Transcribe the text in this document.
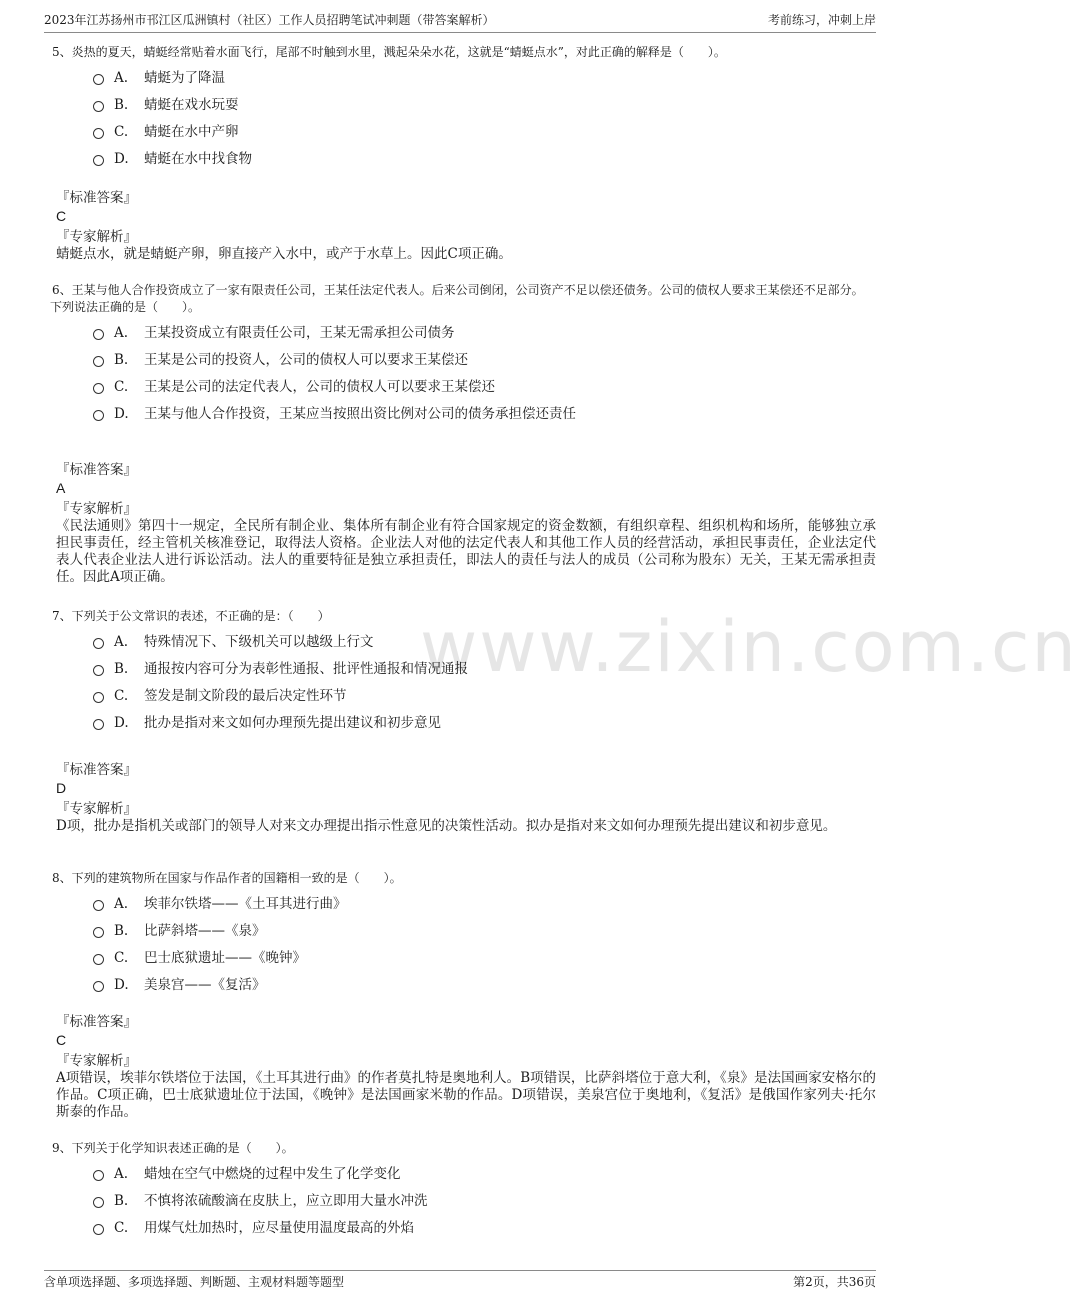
2023年江苏扬州市邗江区瓜洲镇村（社区）工作人员招聘笔试冲刺题（带答案解析）	考前练习，冲刺上岸
www.zixin.com.cn

5、炎热的夏天，蜻蜓经常贴着水面飞行，尾部不时触到水里，溅起朵朵水花，这就是“蜻蜓点水”，对此正确的解释是（　　）。

A. 蜻蜓为了降温
B. 蜻蜓在戏水玩耍
C. 蜻蜓在水中产卵
D. 蜻蜓在水中找食物

『标准答案』

C

『专家解析』

蜻蜓点水，就是蜻蜓产卵，卵直接产入水中，或产于水草上。因此C项正确。

6、王某与他人合作投资成立了一家有限责任公司，王某任法定代表人。后来公司倒闭，公司资产不足以偿还债务。公司的债权人要求王某偿还不足部分。

下列说法正确的是（　　）。

A. 王某投资成立有限责任公司，王某无需承担公司债务
B. 王某是公司的投资人，公司的债权人可以要求王某偿还
C. 王某是公司的法定代表人，公司的债权人可以要求王某偿还
D. 王某与他人合作投资，王某应当按照出资比例对公司的债务承担偿还责任

『标准答案』

A

『专家解析』

《民法通则》第四十一规定，全民所有制企业、集体所有制企业有符合国家规定的资金数额，有组织章程、组织机构和场所，能够独立承担民事责任，经主管机关核准登记，取得法人资格。企业法人对他的法定代表人和其他工作人员的经营活动，承担民事责任，企业法定代表人代表企业法人进行诉讼活动。法人的重要特征是独立承担责任，即法人的责任与法人的成员（公司称为股东）无关，王某无需承担责任。因此A项正确。

7、下列关于公文常识的表述，不正确的是：（　　）

A. 特殊情况下、下级机关可以越级上行文
B. 通报按内容可分为表彰性通报、批评性通报和情况通报
C. 签发是制文阶段的最后决定性环节
D. 批办是指对来文如何办理预先提出建议和初步意见

『标准答案』

D

『专家解析』

D项，批办是指机关或部门的领导人对来文办理提出指示性意见的决策性活动。拟办是指对来文如何办理预先提出建议和初步意见。

8、下列的建筑物所在国家与作品作者的国籍相一致的是（　　）。

A. 埃菲尔铁塔——《土耳其进行曲》
B. 比萨斜塔——《泉》
C. 巴士底狱遗址——《晚钟》
D. 美泉宫——《复活》

『标准答案』

C

『专家解析』

A项错误，埃菲尔铁塔位于法国，《土耳其进行曲》的作者莫扎特是奥地利人。B项错误，比萨斜塔位于意大利，《泉》是法国画家安格尔的作品。C项正确，巴士底狱遗址位于法国，《晚钟》是法国画家米勒的作品。D项错误，美泉宫位于奥地利，《复活》是俄国作家列夫·托尔斯泰的作品。

9、下列关于化学知识表述正确的是（　　）。

A. 蜡烛在空气中燃烧的过程中发生了化学变化
B. 不慎将浓硫酸滴在皮肤上，应立即用大量水冲洗
C. 用煤气灶加热时，应尽量使用温度最高的外焰
含单项选择题、多项选择题、判断题、主观材料题等题型	第2页，共36页
